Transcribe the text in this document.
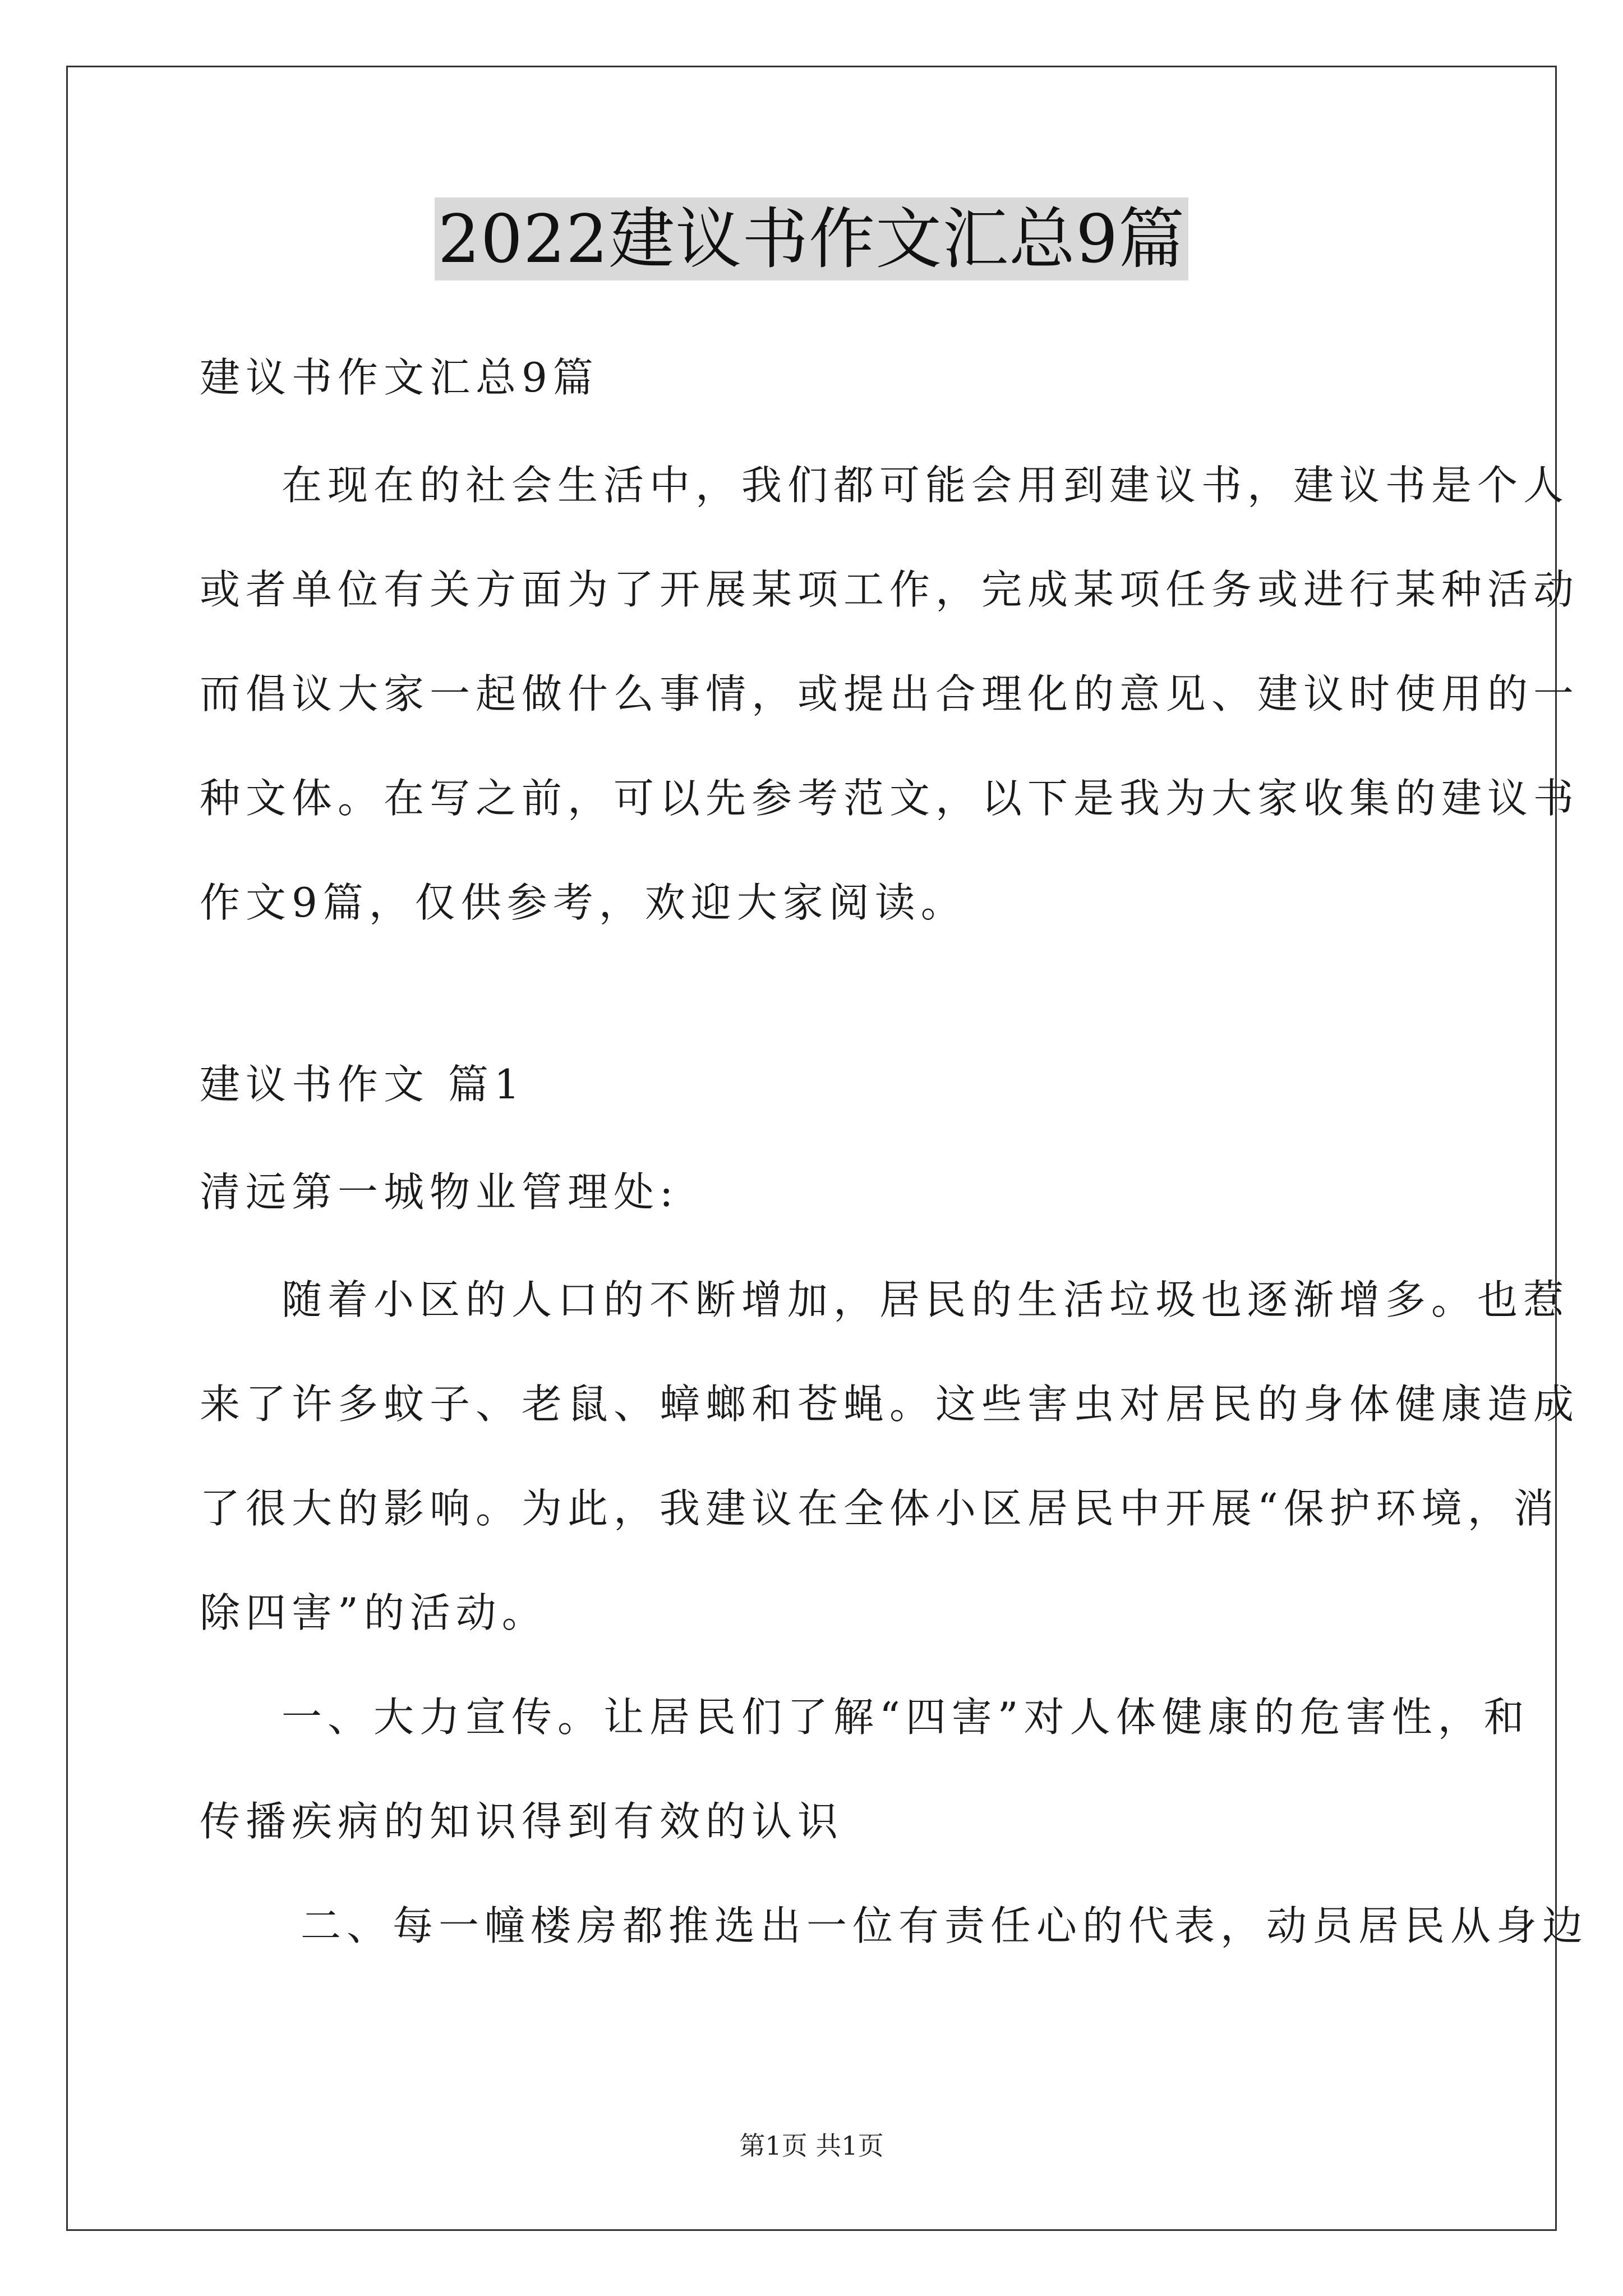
2022建议书作文汇总9篇
建议书作文汇总9篇
在现在的社会生活中，我们都可能会用到建议书，建议书是个人
或者单位有关方面为了开展某项工作，完成某项任务或进行某种活动
而倡议大家一起做什么事情，或提出合理化的意见、建议时使用的一
种文体。在写之前，可以先参考范文，以下是我为大家收集的建议书
作文9篇，仅供参考，欢迎大家阅读。
建议书作文 篇1
清远第一城物业管理处:
随着小区的人口的不断增加，居民的生活垃圾也逐渐增多。也惹
来了许多蚊子、老鼠、蟑螂和苍蝇。这些害虫对居民的身体健康造成
了很大的影响。为此，我建议在全体小区居民中开展“保护环境，消
除四害”的活动。
一、大力宣传。让居民们了解“四害”对人体健康的危害性，和
传播疾病的知识得到有效的认识
二、每一幢楼房都推选出一位有责任心的代表，动员居民从身边
第1页 共1页
